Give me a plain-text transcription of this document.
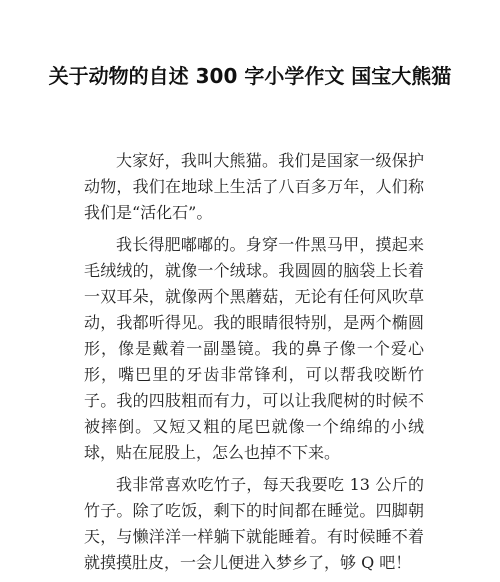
关于动物的自述 300 字小学作文 国宝大熊猫

大家好，我叫大熊猫。我们是国家一级保护动物，我们在地球上生活了八百多万年，人们称我们是“活化石”。

我长得肥嘟嘟的。身穿一件黑马甲，摸起来毛绒绒的，就像一个绒球。我圆圆的脑袋上长着一双耳朵，就像两个黑蘑菇，无论有任何风吹草动，我都听得见。我的眼睛很特别，是两个椭圆形，像是戴着一副墨镜。我的鼻子像一个爱心形，嘴巴里的牙齿非常锋利，可以帮我咬断竹子。我的四肢粗而有力，可以让我爬树的时候不被摔倒。又短又粗的尾巴就像一个绵绵的小绒球，贴在屁股上，怎么也掉不下来。

我非常喜欢吃竹子，每天我要吃 13 公斤的竹子。除了吃饭，剩下的时间都在睡觉。四脚朝天，与懒洋洋一样躺下就能睡着。有时候睡不着就摸摸肚皮，一会儿便进入梦乡了，够 Q 吧！
